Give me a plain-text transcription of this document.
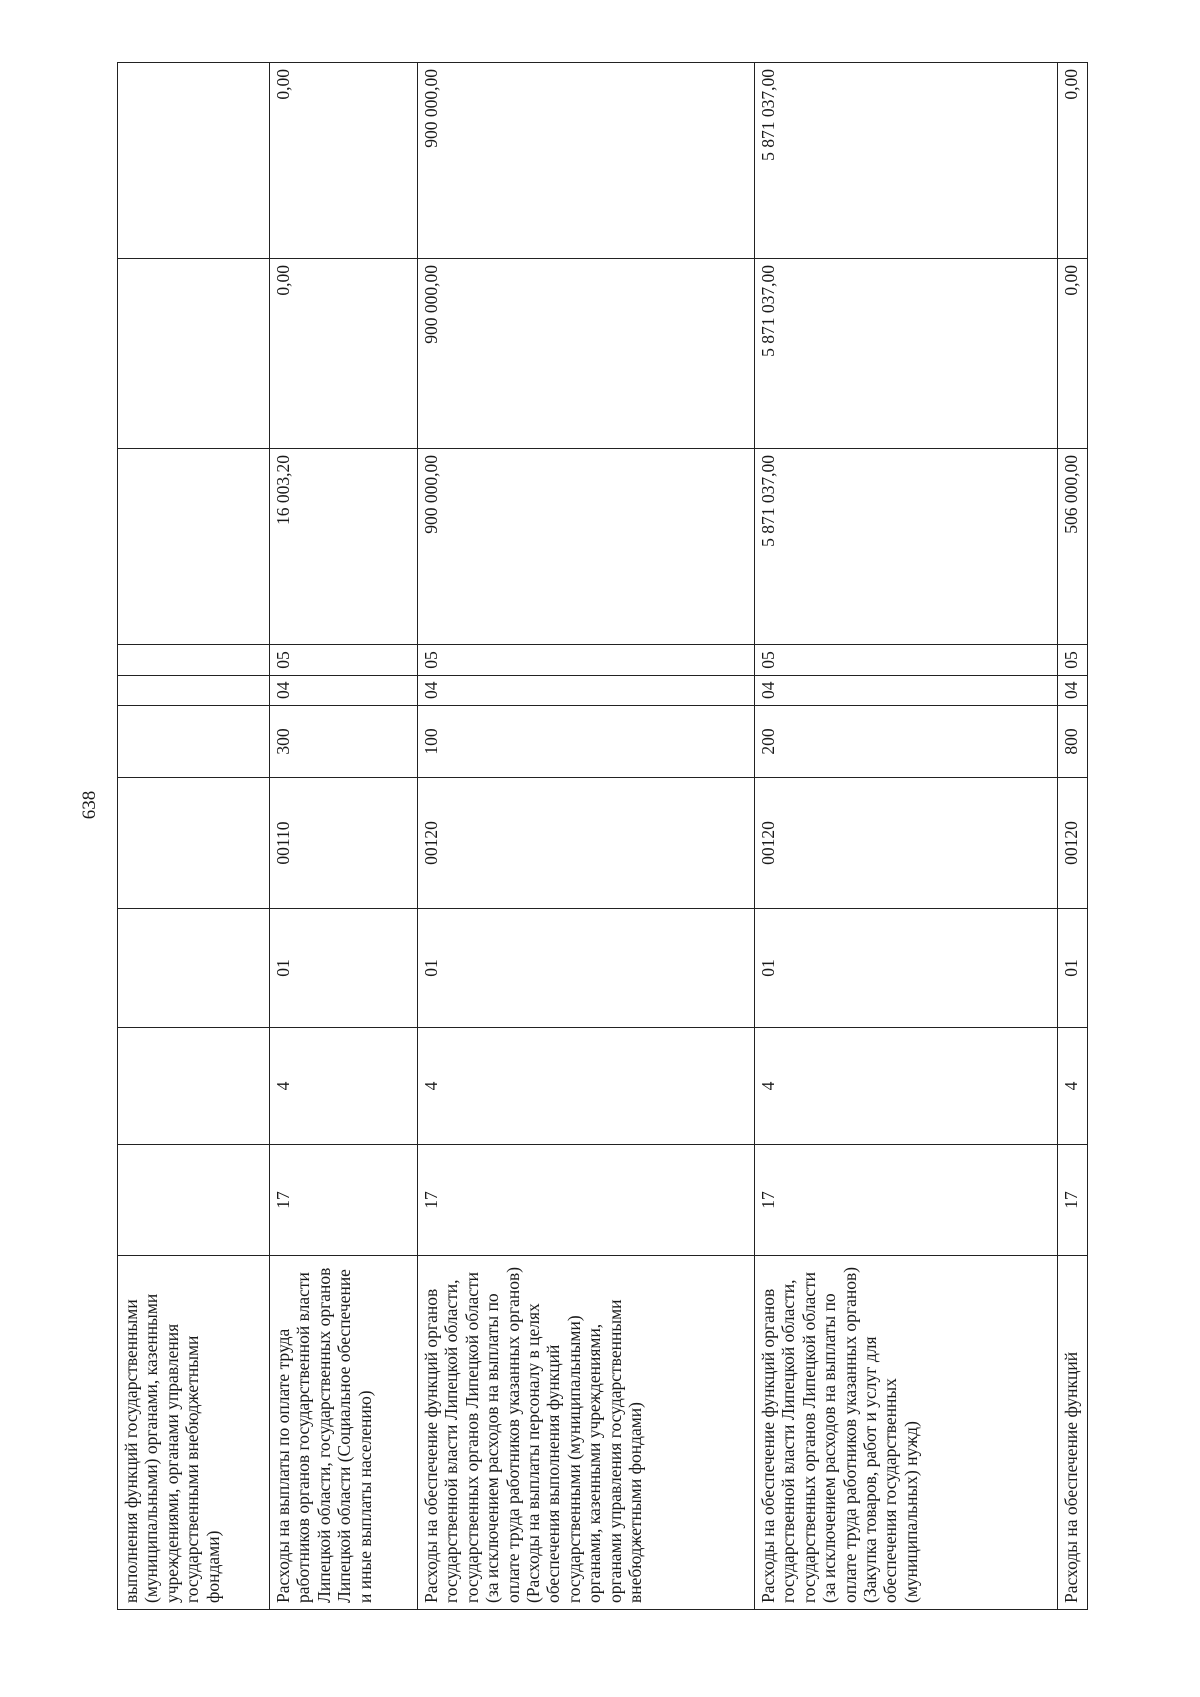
638
выполнения функций государственными (муниципальными) органами, казенными учреждениями, органами управления государственными внебюджетными фондами)										
Расходы на выплаты по оплате труда работников органов государственной власти Липецкой области, государственных органов Липецкой области (Социальное обеспечение и иные выплаты населению)	17	4	01	00110	300	04	05	16 003,20	0,00	0,00
Расходы на обеспечение функций органов государственной власти Липецкой области, государственных органов Липецкой области (за исключением расходов на выплаты по оплате труда работников указанных органов) (Расходы на выплаты персоналу в целях обеспечения выполнения функций государственными (муниципальными) органами, казенными учреждениями, органами управления государственными внебюджетными фондами)	17	4	01	00120	100	04	05	900 000,00	900 000,00	900 000,00
Расходы на обеспечение функций органов государственной власти Липецкой области, государственных органов Липецкой области (за исключением расходов на выплаты по оплате труда работников указанных органов) (Закупка товаров, работ и услуг для обеспечения государственных (муниципальных) нужд)	17	4	01	00120	200	04	05	5 871 037,00	5 871 037,00	5 871 037,00
Расходы на обеспечение функций	17	4	01	00120	800	04	05	506 000,00	0,00	0,00
